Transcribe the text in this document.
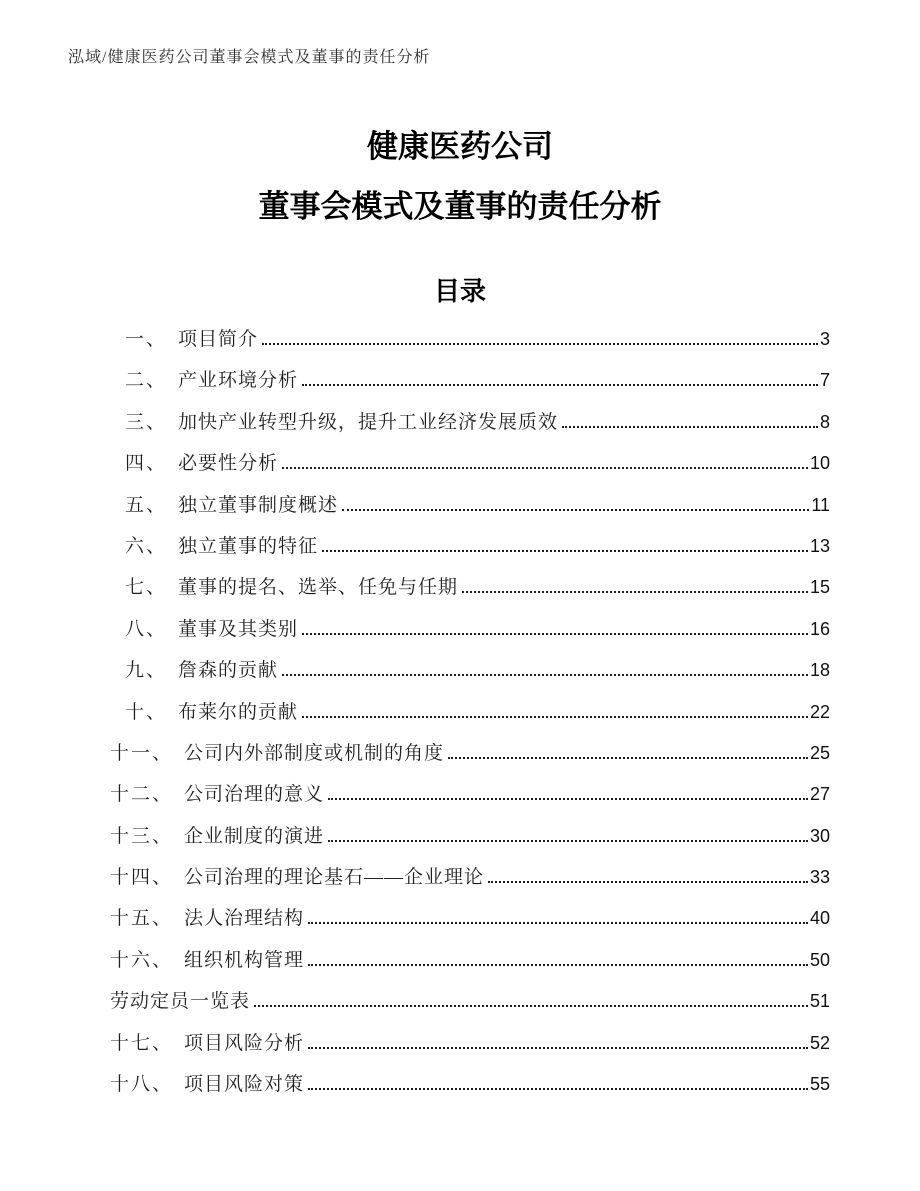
泓域/健康医药公司董事会模式及董事的责任分析
健康医药公司
董事会模式及董事的责任分析
目录
一、 项目简介	3
二、 产业环境分析	7
三、 加快产业转型升级，提升工业经济发展质效	8
四、 必要性分析	10
五、 独立董事制度概述	11
六、 独立董事的特征	13
七、 董事的提名、选举、任免与任期	15
八、 董事及其类别	16
九、 詹森的贡献	18
十、 布莱尔的贡献	22
十一、 公司内外部制度或机制的角度	25
十二、 公司治理的意义	27
十三、 企业制度的演进	30
十四、 公司治理的理论基石——企业理论	33
十五、 法人治理结构	40
十六、 组织机构管理	50
劳动定员一览表	51
十七、 项目风险分析	52
十八、 项目风险对策	55
